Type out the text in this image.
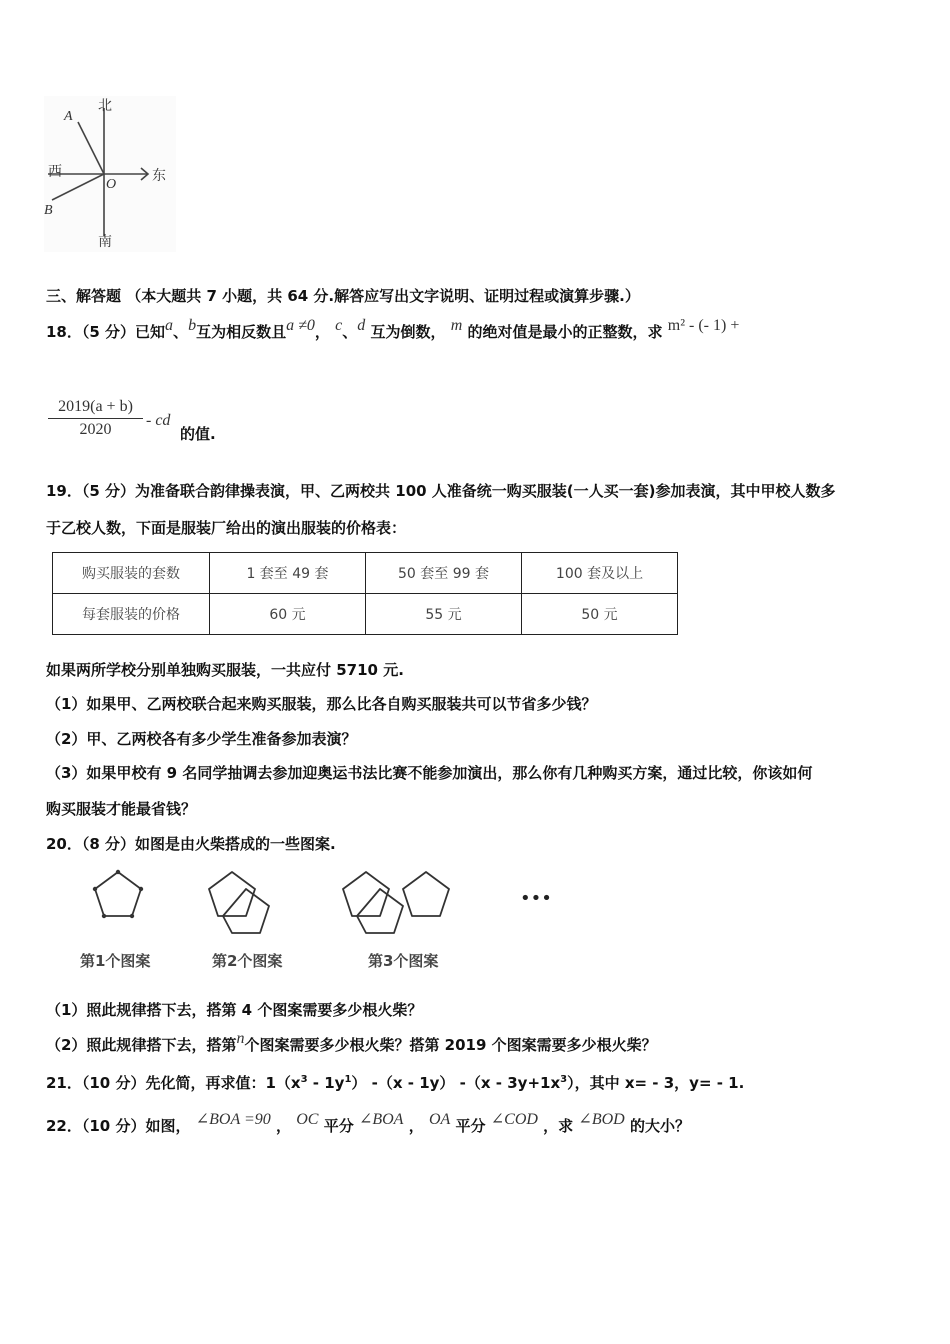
北
南
东
西
A
B
O
三、解答题 （本大题共 7 小题，共 64 分.解答应写出文字说明、证明过程或演算步骤.）
18．（5 分）已知a、b互为相反数且a ≠0， c、d 互为倒数， m 的绝对值是最小的正整数，求 m² - (- 1) +
$\frac{2019(a + b)}{2020}$ - cd
的值.
19．（5 分）为准备联合韵律操表演，甲、乙两校共 100 人准备统一购买服装(一人买一套)参加表演，其中甲校人数多
于乙校人数，下面是服装厂给出的演出服装的价格表：
购买服装的套数	1 套至 49 套	50 套至 99 套	100 套及以上
每套服装的价格	60 元	55 元	50 元
如果两所学校分别单独购买服装，一共应付 5710 元.
（1）如果甲、乙两校联合起来购买服装，那么比各自购买服装共可以节省多少钱？
（2）甲、乙两校各有多少学生准备参加表演？
（3）如果甲校有 9 名同学抽调去参加迎奥运书法比赛不能参加演出，那么你有几种购买方案，通过比较，你该如何
购买服装才能最省钱？
20．（8 分）如图是由火柴搭成的一些图案.
•••
第1个图案	第2个图案	第3个图案
（1）照此规律搭下去，搭第 4 个图案需要多少根火柴？
（2）照此规律搭下去，搭第n个图案需要多少根火柴？搭第 2019 个图案需要多少根火柴？
21．（10 分）先化简，再求值：$1(x^3 - 1y^1)$ -（x - 1y） $-(x - 3y+1x^3)$，其中 x= - 3，y= - 1.
22．（10 分）如图， ∠BOA =90 ， OC 平分 ∠BOA ， OA 平分 ∠COD ，求 ∠BOD 的大小？
